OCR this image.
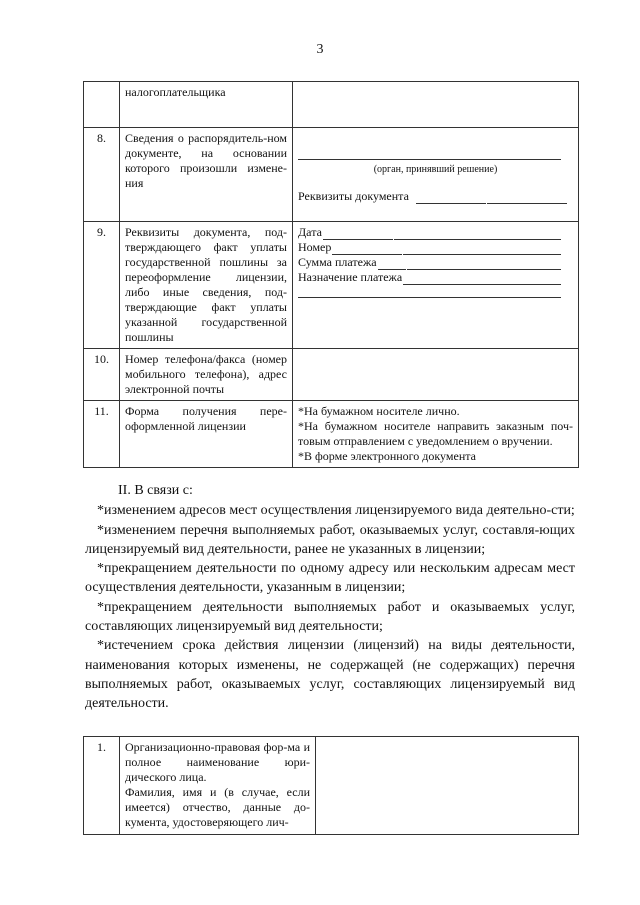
3
	налогоплательщика	
8.	Сведения о распорядитель-ном документе, на основании которого произошли измене-ния	(орган, принявший решение)
Реквизиты документа

9.	Реквизиты документа, под-тверждающего факт уплаты государственной пошлины за переоформление лицензии, либо иные сведения, под-тверждающие факт уплаты указанной государственной пошлины	Дата
Номер
Сумма платежа
Назначение платежа

10.	Номер телефона/факса (номер мобильного телефона), адрес электронной почты	
11.	Форма получения пере-оформленной лицензии	*На бумажном носителе лично.
*На бумажном носителе направить заказным поч-товым отправлением с уведомлением о вручении.
*В форме электронного документа

II. В связи с:

*изменением адресов мест осуществления лицензируемого вида деятельно-сти;

*изменением перечня выполняемых работ, оказываемых услуг, составля-ющих лицензируемый вид деятельности, ранее не указанных в лицензии;

*прекращением деятельности по одному адресу или нескольким адресам мест осуществления деятельности, указанным в лицензии;

*прекращением деятельности выполняемых работ и оказываемых услуг, составляющих лицензируемый вид деятельности;

*истечением срока действия лицензии (лицензий) на виды деятельности, наименования которых изменены, не содержащей (не содержащих) перечня выполняемых работ, оказываемых услуг, составляющих лицензируемый вид деятельности.

1.	Организационно-правовая фор-ма и полное наименование юри-дического лица.
Фамилия, имя и (в случае, если имеется) отчество, данные до-кумента, удостоверяющего лич-
